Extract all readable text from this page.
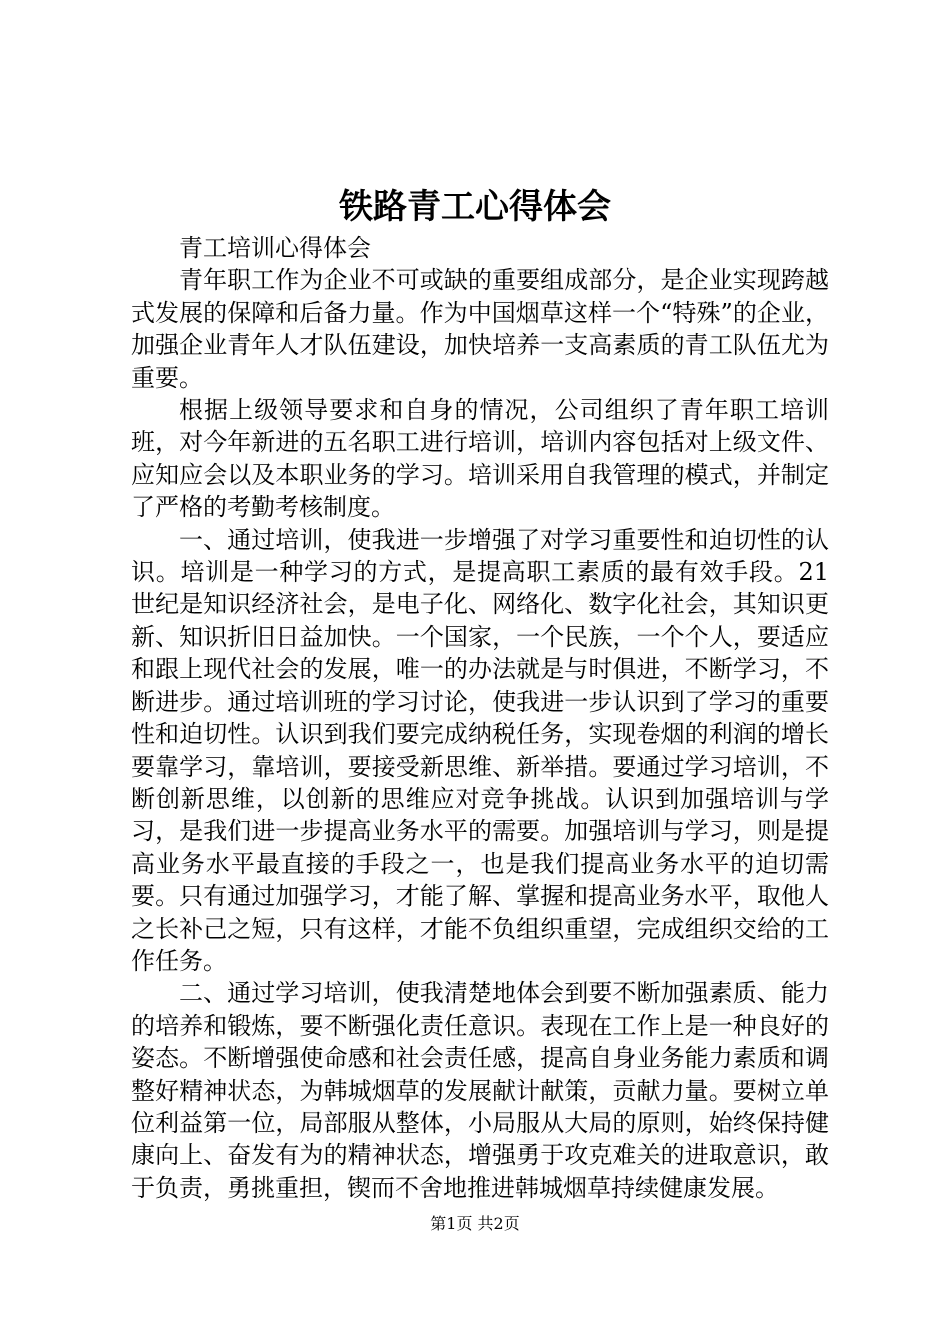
铁路青工心得体会

青工培训心得体会

青年职工作为企业不可或缺的重要组成部分，是企业实现跨越式发展的保障和后备力量。作为中国烟草这样一个“特殊”的企业，加强企业青年人才队伍建设，加快培养一支高素质的青工队伍尤为重要。

根据上级领导要求和自身的情况，公司组织了青年职工培训班，对今年新进的五名职工进行培训，培训内容包括对上级文件、应知应会以及本职业务的学习。培训采用自我管理的模式，并制定了严格的考勤考核制度。

一、通过培训，使我进一步增强了对学习重要性和迫切性的认识。培训是一种学习的方式，是提高职工素质的最有效手段。21世纪是知识经济社会，是电子化、网络化、数字化社会，其知识更新、知识折旧日益加快。一个国家，一个民族，一个个人，要适应和跟上现代社会的发展，唯一的办法就是与时俱进，不断学习，不断进步。通过培训班的学习讨论，使我进一步认识到了学习的重要性和迫切性。认识到我们要完成纳税任务，实现卷烟的利润的增长要靠学习，靠培训，要接受新思维、新举措。要通过学习培训，不断创新思维，以创新的思维应对竞争挑战。认识到加强培训与学习，是我们进一步提高业务水平的需要。加强培训与学习，则是提高业务水平最直接的手段之一，也是我们提高业务水平的迫切需要。只有通过加强学习，才能了解、掌握和提高业务水平，取他人之长补己之短，只有这样，才能不负组织重望，完成组织交给的工作任务。

二、通过学习培训，使我清楚地体会到要不断加强素质、能力的培养和锻炼，要不断强化责任意识。表现在工作上是一种良好的姿态。不断增强使命感和社会责任感，提高自身业务能力素质和调整好精神状态，为韩城烟草的发展献计献策，贡献力量。要树立单位利益第一位，局部服从整体，小局服从大局的原则，始终保持健康向上、奋发有为的精神状态，增强勇于攻克难关的进取意识，敢于负责，勇挑重担，锲而不舍地推进韩城烟草持续健康发展。

第1页 共2页
